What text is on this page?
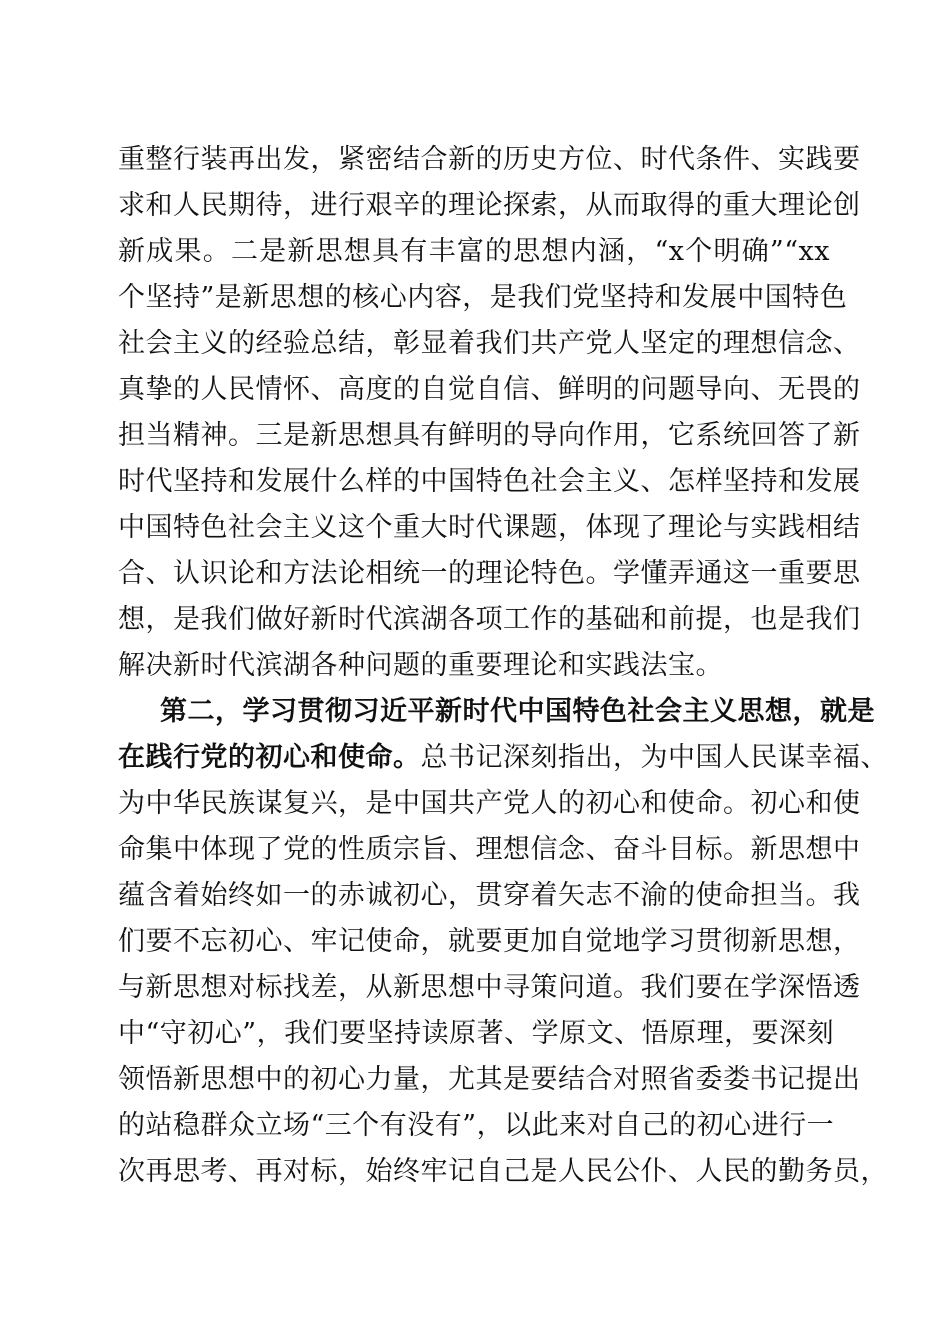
重整行装再出发，紧密结合新的历史方位、时代条件、实践要
求和人民期待，进行艰辛的理论探索，从而取得的重大理论创
新成果。二是新思想具有丰富的思想内涵，“x个明确”“xx
个坚持”是新思想的核心内容，是我们党坚持和发展中国特色
社会主义的经验总结，彰显着我们共产党人坚定的理想信念、
真挚的人民情怀、高度的自觉自信、鲜明的问题导向、无畏的
担当精神。三是新思想具有鲜明的导向作用，它系统回答了新
时代坚持和发展什么样的中国特色社会主义、怎样坚持和发展
中国特色社会主义这个重大时代课题，体现了理论与实践相结
合、认识论和方法论相统一的理论特色。学懂弄通这一重要思
想，是我们做好新时代滨湖各项工作的基础和前提，也是我们
解决新时代滨湖各种问题的重要理论和实践法宝。
第二，学习贯彻习近平新时代中国特色社会主义思想，就是
在践行党的初心和使命。总书记深刻指出，为中国人民谋幸福、
为中华民族谋复兴，是中国共产党人的初心和使命。初心和使
命集中体现了党的性质宗旨、理想信念、奋斗目标。新思想中
蕴含着始终如一的赤诚初心，贯穿着矢志不渝的使命担当。我
们要不忘初心、牢记使命，就要更加自觉地学习贯彻新思想，
与新思想对标找差，从新思想中寻策问道。我们要在学深悟透
中“守初心”，我们要坚持读原著、学原文、悟原理，要深刻
领悟新思想中的初心力量，尤其是要结合对照省委娄书记提出
的站稳群众立场“三个有没有”，以此来对自己的初心进行一
次再思考、再对标，始终牢记自己是人民公仆、人民的勤务员，
